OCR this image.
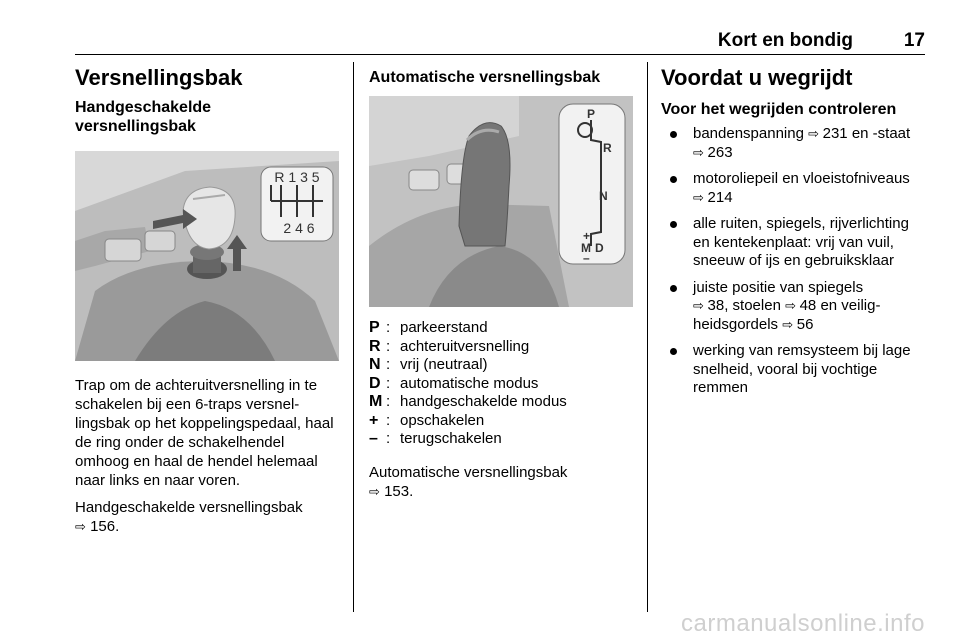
Kort en bondig	17
Versnellingsbak
Handgeschakelde versnellingsbak
R 1 3 5
2 4 6
Trap om de achteruitversnelling in te schakelen bij een 6-traps versnel-lingsbak op het koppelingspedaal, haal de ring onder de schakelhendel omhoog en haal de hendel helemaal naar links en naar voren.
Handgeschakelde versnellingsbak
⇨ 156.
Automatische versnellingsbak
P
R
N
+
M D
–
P : parkeerstand
R : achteruitversnelling
N : vrij (neutraal)
D : automatische modus
M : handgeschakelde modus
+ : opschakelen
– : terugschakelen
Automatische versnellingsbak
⇨ 153.
Voordat u wegrijdt
Voor het wegrijden controleren
bandenspanning ⇨ 231 en -staat
⇨ 263
motoroliepeil en vloeistofniveaus
⇨ 214
alle ruiten, spiegels, rijverlichting en kentekenplaat: vrij van vuil, sneeuw of ijs en gebruiksklaar
juiste positie van spiegels
⇨ 38, stoelen ⇨ 48 en veilig-heidsgordels ⇨ 56
werking van remsysteem bij lage snelheid, vooral bij vochtige remmen
carmanualsonline.info
